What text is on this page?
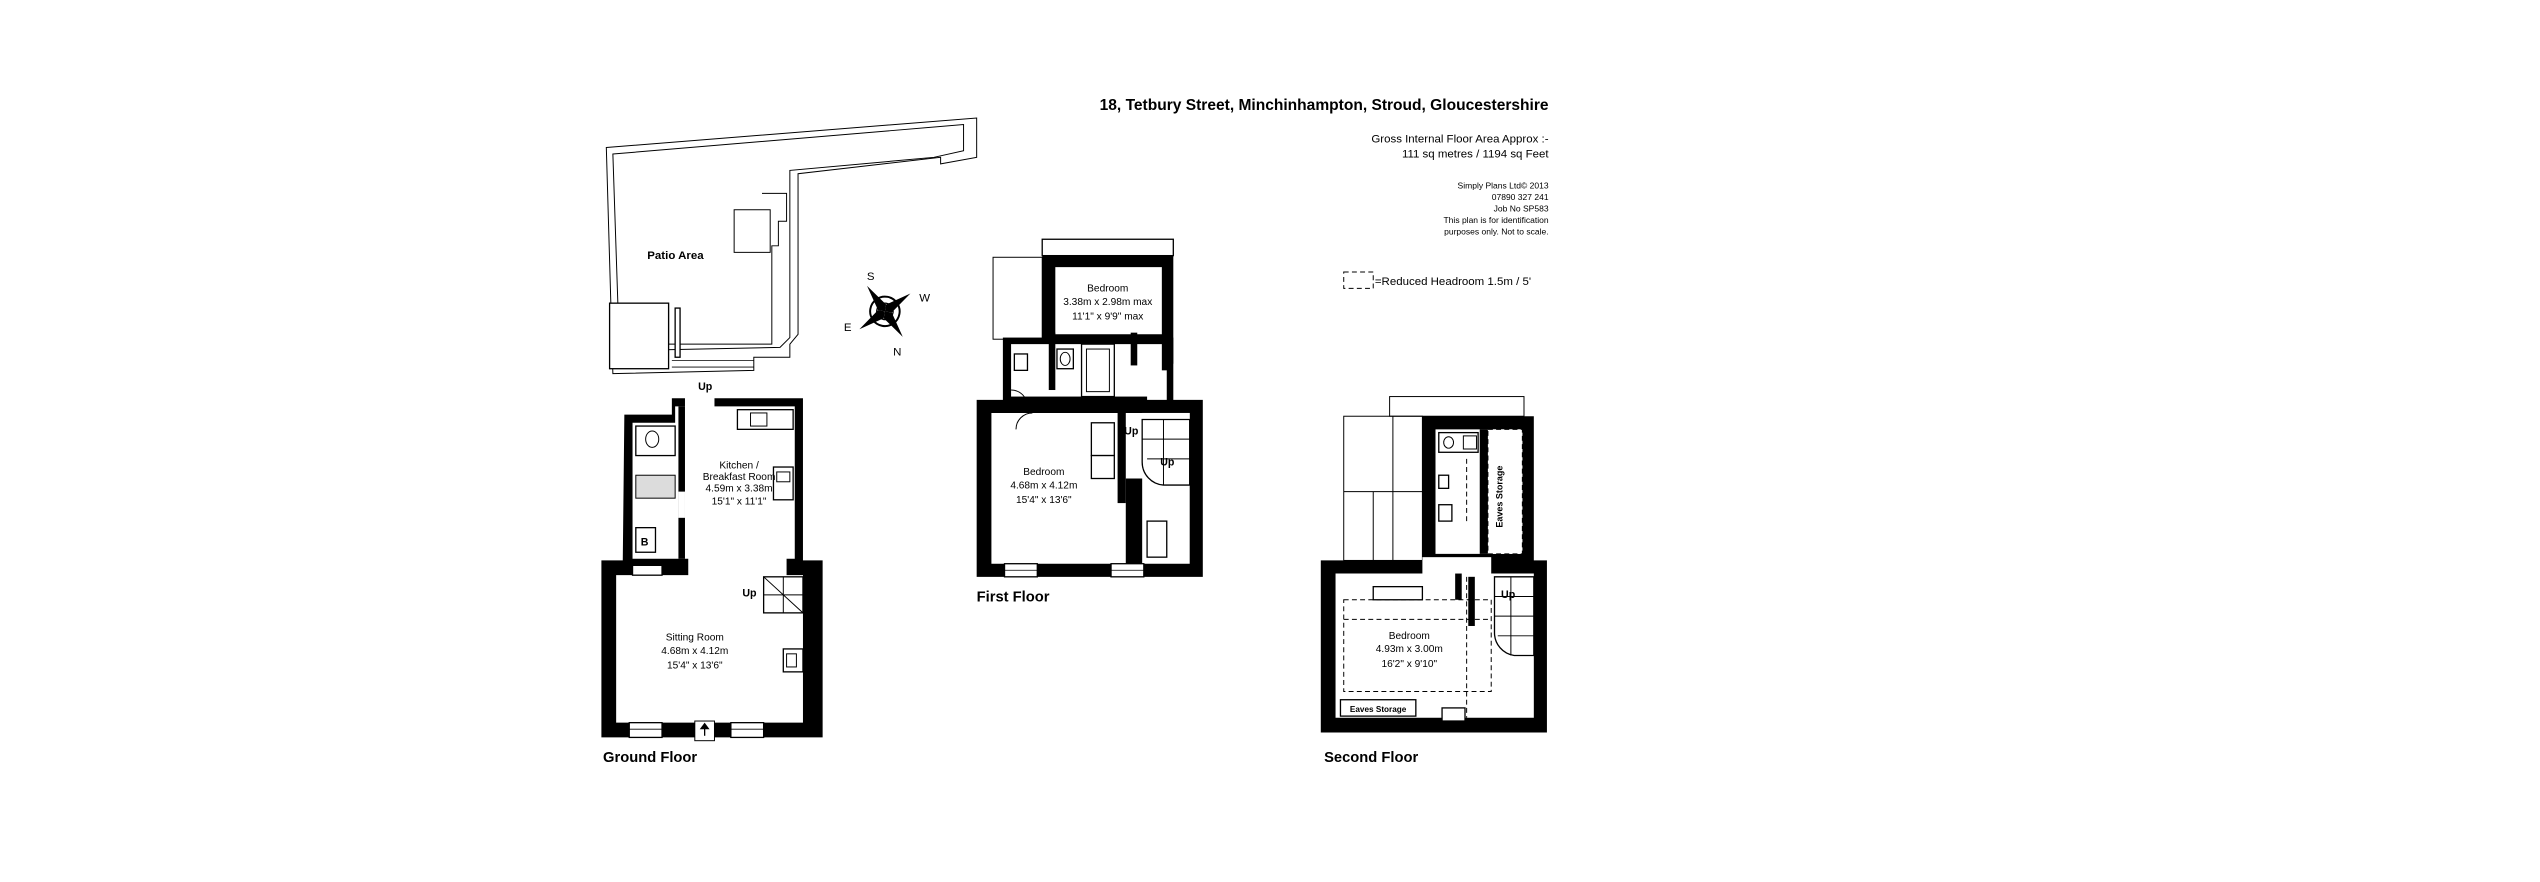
18, Tetbury Street, Minchinhampton, Stroud, Gloucestershire
Gross Internal Floor Area Approx :-
111 sq metres / 1194 sq Feet
Simply Plans Ltd© 2013
07890 327 241
Job No SP583
This plan is for identification
purposes only. Not to scale.
=Reduced Headroom 1.5m / 5'
S
W
E
N
Patio Area
Up
B
Kitchen /
Breakfast Room
4.59m x 3.38m
15'1" x 11'1"
Up
Sitting Room
4.68m x 4.12m
15'4" x 13'6"
Ground Floor
Bedroom
3.38m x 2.98m max
11'1" x 9'9" max
Up
Up
Bedroom
4.68m x 4.12m
15'4" x 13'6"
First Floor
Eaves Storage
Up
Eaves Storage
Bedroom
4.93m x 3.00m
16'2" x 9'10"
Second Floor
